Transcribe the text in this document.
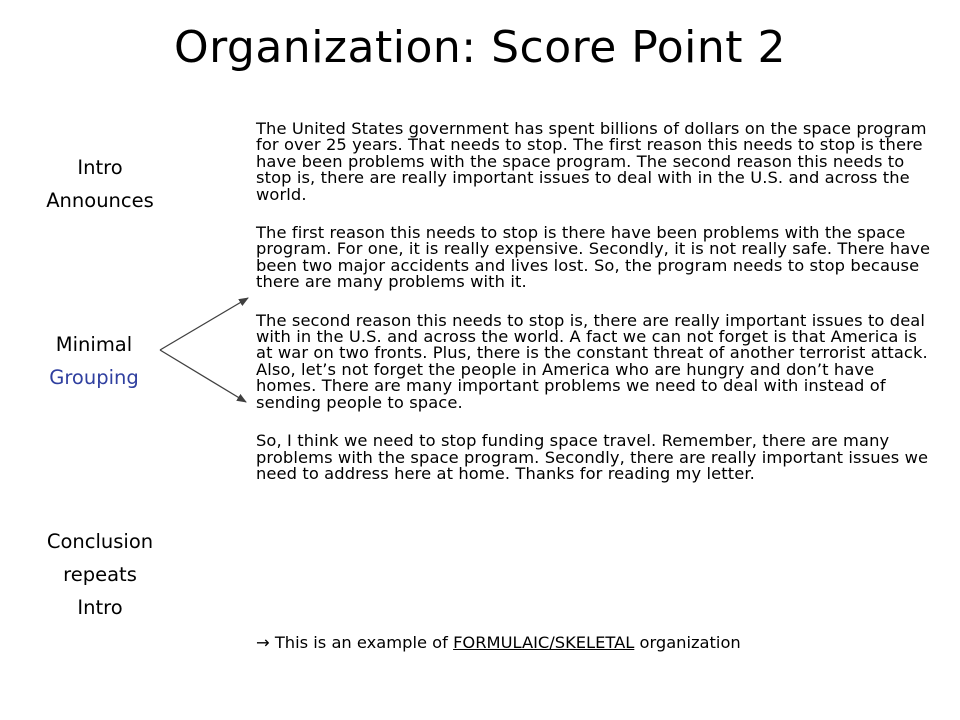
Organization: Score Point 2
Intro
Announces
Minimal
Grouping
Conclusion
repeats
Intro

The United States government has spent billions of dollars on the space program for over 25 years. That needs to stop. The first reason this needs to stop is there have been problems with the space program. The second reason this needs to stop is, there are really important issues to deal with in the U.S. and across the world.

The first reason this needs to stop is there have been problems with the space program. For one, it is really expensive. Secondly, it is not really safe. There have been two major accidents and lives lost. So, the program needs to stop because there are many problems with it.

The second reason this needs to stop is, there are really important issues to deal with in the U.S. and across the world. A fact we can not forget is that America is at war on two fronts. Plus, there is the constant threat of another terrorist attack. Also, let’s not forget the people in America who are hungry and don’t have homes. There are many important problems we need to deal with instead of sending people to space.

So, I think we need to stop funding space travel. Remember, there are many problems with the space program. Secondly, there are really important issues we need to address here at home. Thanks for reading my letter.

→ This is an example of FORMULAIC/SKELETAL organization
